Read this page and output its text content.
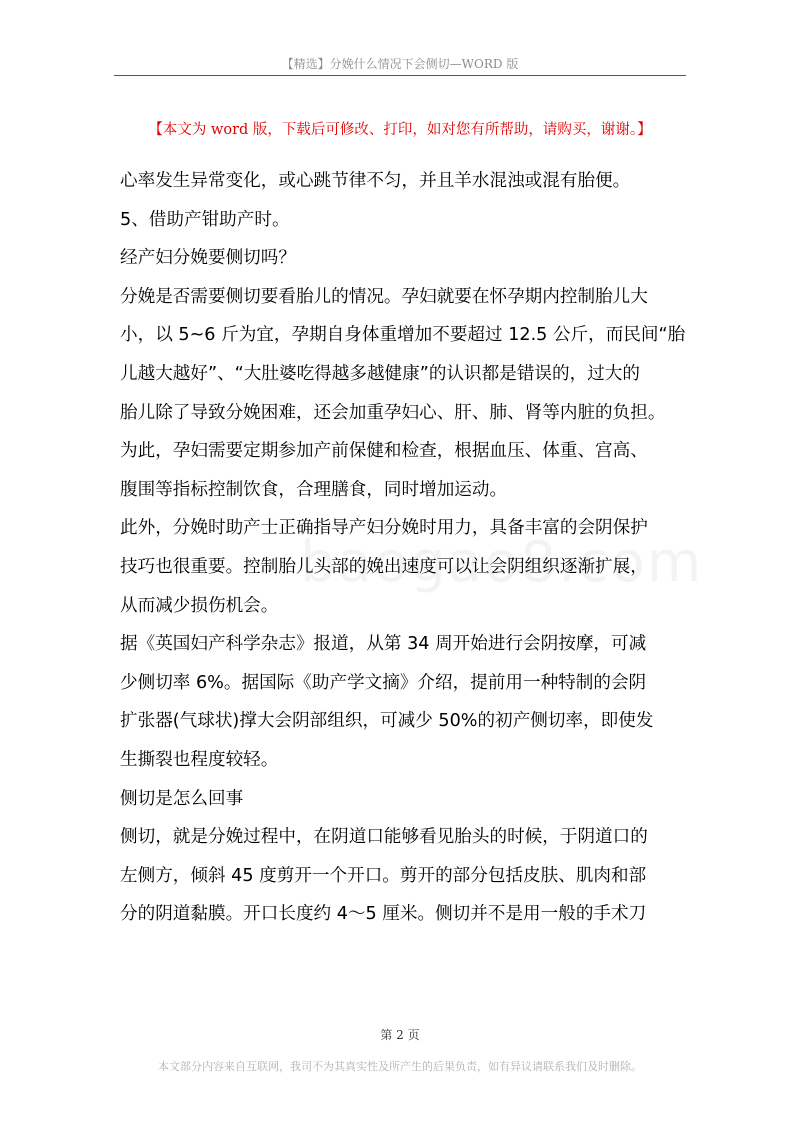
【精选】分娩什么情况下会侧切—WORD 版
【本文为 word 版，下载后可修改、打印，如对您有所帮助，请购买，谢谢。】
心率发生异常变化，或心跳节律不匀，并且羊水混浊或混有胎便。
5、借助产钳助产时。
经产妇分娩要侧切吗？
分娩是否需要侧切要看胎儿的情况。孕妇就要在怀孕期内控制胎儿大
小，以 5~6 斤为宜，孕期自身体重增加不要超过 12.5 公斤，而民间“胎
儿越大越好”、“大肚婆吃得越多越健康”的认识都是错误的，过大的
胎儿除了导致分娩困难，还会加重孕妇心、肝、肺、肾等内脏的负担。
为此，孕妇需要定期参加产前保健和检查，根据血压、体重、宫高、
腹围等指标控制饮食，合理膳食，同时增加运动。
此外，分娩时助产士正确指导产妇分娩时用力，具备丰富的会阴保护
技巧也很重要。控制胎儿头部的娩出速度可以让会阴组织逐渐扩展，
从而减少损伤机会。
据《英国妇产科学杂志》报道，从第 34 周开始进行会阴按摩，可减
少侧切率 6%。据国际《助产学文摘》介绍，提前用一种特制的会阴
扩张器(气球状)撑大会阴部组织，可减少 50%的初产侧切率，即使发
生撕裂也程度较轻。
侧切是怎么回事
侧切，就是分娩过程中，在阴道口能够看见胎头的时候，于阴道口的
左侧方，倾斜 45 度剪开一个开口。剪开的部分包括皮肤、肌肉和部
分的阴道黏膜。开口长度约 4～5 厘米。侧切并不是用一般的手术刀
第 2 页
本文部分内容来自互联网，我司不为其真实性及所产生的后果负责，如有异议请联系我们及时删除。
